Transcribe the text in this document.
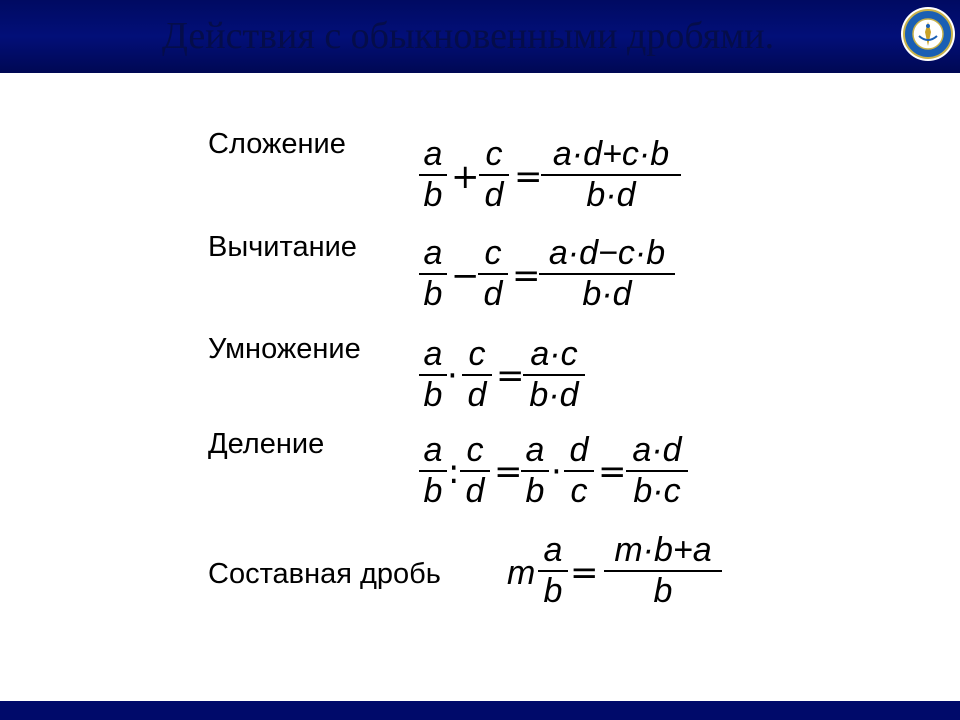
Действия с обыкновенными дробями.
Сложение a
b +
c
d =
a·d+c·b
b·d
Вычитание a
b −
c
d =
a·d−c·b
b·d
Умножение a
b ·
c
d =
a·c
b·d
Деление	a
b :
c
d =
a
b ·
d
c =
a·d
b·c
Составная дробь m
a
b =
m·b+a
b
